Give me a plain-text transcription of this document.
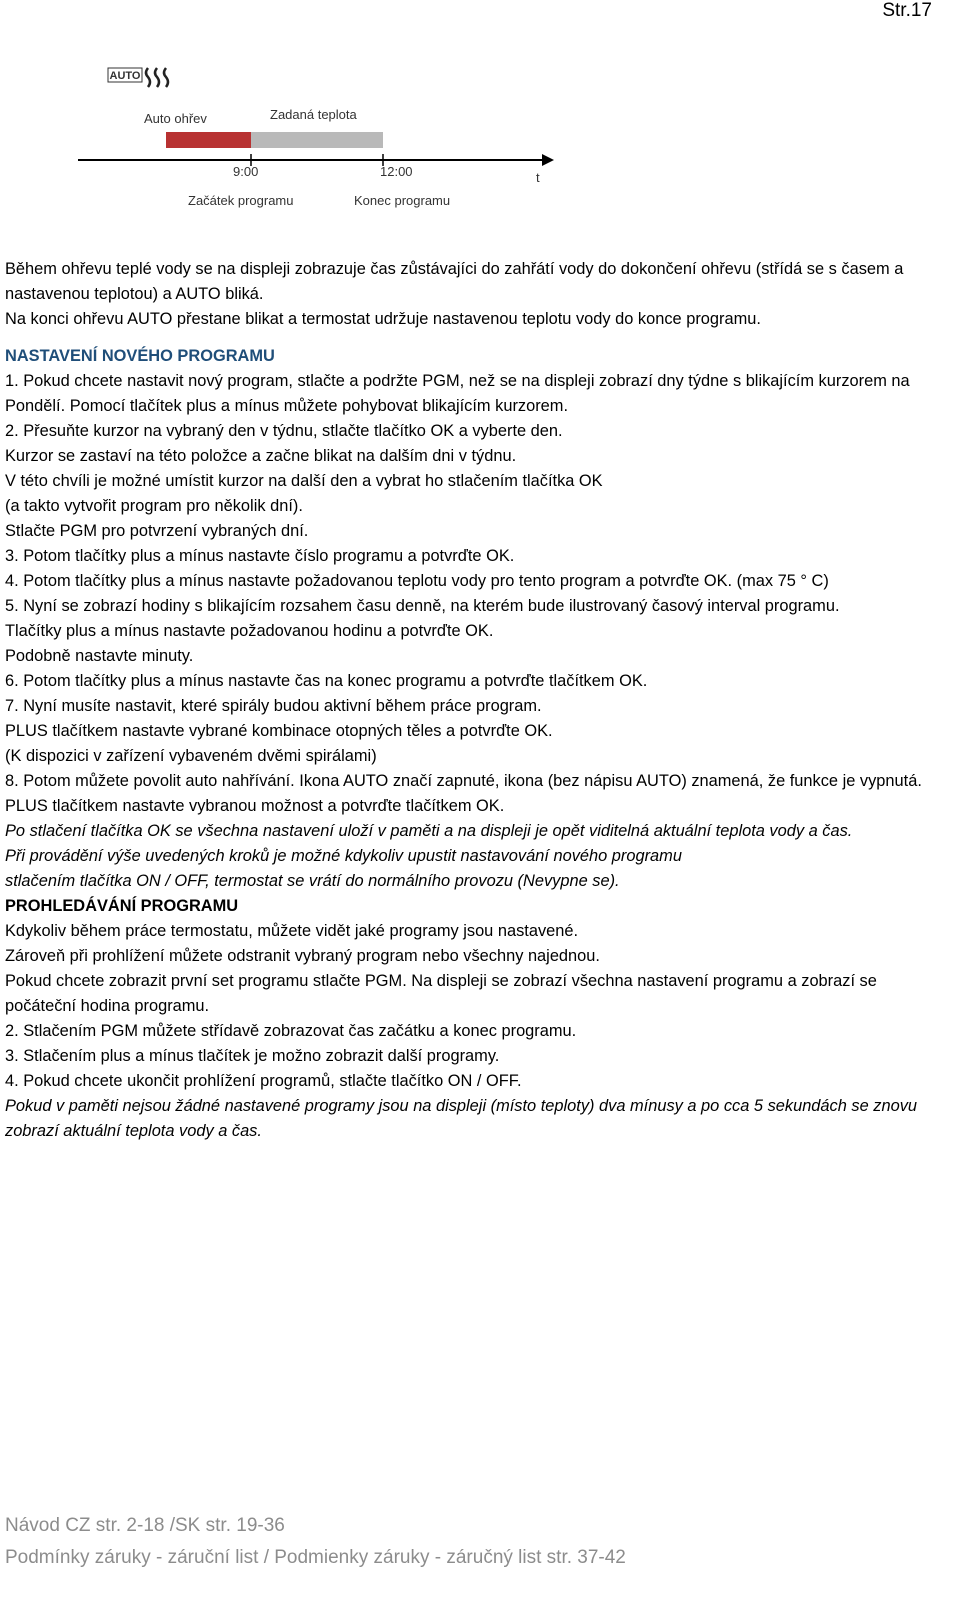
Str.17
AUTO
Auto ohřev	Zadaná teplota
9:00	12:00	t
Začátek programu	Konec programu

Během ohřevu teplé vody se na displeji zobrazuje čas zůstávajíci do zahřátí vody do dokončení ohřevu (střídá se s časem a nastavenou teplotou) a AUTO bliká.

Na konci ohřevu AUTO přestane blikat a termostat udržuje nastavenou teplotu vody do konce programu.

NASTAVENÍ NOVÉHO PROGRAMU

1. Pokud chcete nastavit nový program, stlačte a podržte PGM, než se na displeji zobrazí dny týdne s blikajícím kurzorem na Pondělí. Pomocí tlačítek plus a mínus můžete pohybovat blikajícím kurzorem.

2. Přesuňte kurzor na vybraný den v týdnu, stlačte tlačítko OK a vyberte den.

Kurzor se zastaví na této položce a začne blikat na dalším dni v týdnu.

V této chvíli je možné umístit kurzor na další den a vybrat ho stlačením tlačítka OK

(a takto vytvořit program pro několik dní).

Stlačte PGM pro potvrzení vybraných dní.

3. Potom tlačítky plus a mínus nastavte číslo programu a potvrďte OK.

4. Potom tlačítky plus a mínus nastavte požadovanou teplotu vody pro tento program a potvrďte OK. (max 75 ° C)

5. Nyní se zobrazí hodiny s blikajícím rozsahem času denně, na kterém bude ilustrovaný časový interval programu.

Tlačítky plus a mínus nastavte požadovanou hodinu a potvrďte OK.

Podobně nastavte minuty.

6. Potom tlačítky plus a mínus nastavte čas na konec programu a potvrďte tlačítkem OK.

7. Nyní musíte nastavit, které spirály budou aktivní během práce program.

PLUS tlačítkem nastavte vybrané kombinace otopných těles a potvrďte OK.

(K dispozici v zařízení vybaveném dvěmi spirálami)

8. Potom můžete povolit auto nahřívání. Ikona AUTO značí zapnuté, ikona (bez nápisu AUTO) znamená, že funkce je vypnutá.

PLUS tlačítkem nastavte vybranou možnost a potvrďte tlačítkem OK.

Po stlačení tlačítka OK se všechna nastavení uloží v paměti a na displeji je opět viditelná aktuální teplota vody a čas.

Při provádění výše uvedených kroků je možné kdykoliv upustit nastavování nového programu

stlačením tlačítka ON / OFF, termostat se vrátí do normálního provozu (Nevypne se).

PROHLEDÁVÁNÍ PROGRAMU

Kdykoliv během práce termostatu, můžete vidět jaké programy jsou nastavené.

Zároveň při prohlížení můžete odstranit vybraný program nebo všechny najednou.

Pokud chcete zobrazit první set programu stlačte PGM. Na displeji se zobrazí všechna nastavení programu a zobrazí se počáteční hodina programu.

2. Stlačením PGM můžete střídavě zobrazovat čas začátku a konec programu.

3. Stlačením plus a mínus tlačítek je možno zobrazit další programy.

4. Pokud chcete ukončit prohlížení programů, stlačte tlačítko ON / OFF.

Pokud v paměti nejsou žádné nastavené programy jsou na displeji (místo teploty) dva mínusy a po cca 5 sekundách se znovu zobrazí aktuální teplota vody a čas.

Návod CZ str. 2-18 /SK str. 19-36

Podmínky záruky - záruční list / Podmienky záruky - záručný list str. 37-42
